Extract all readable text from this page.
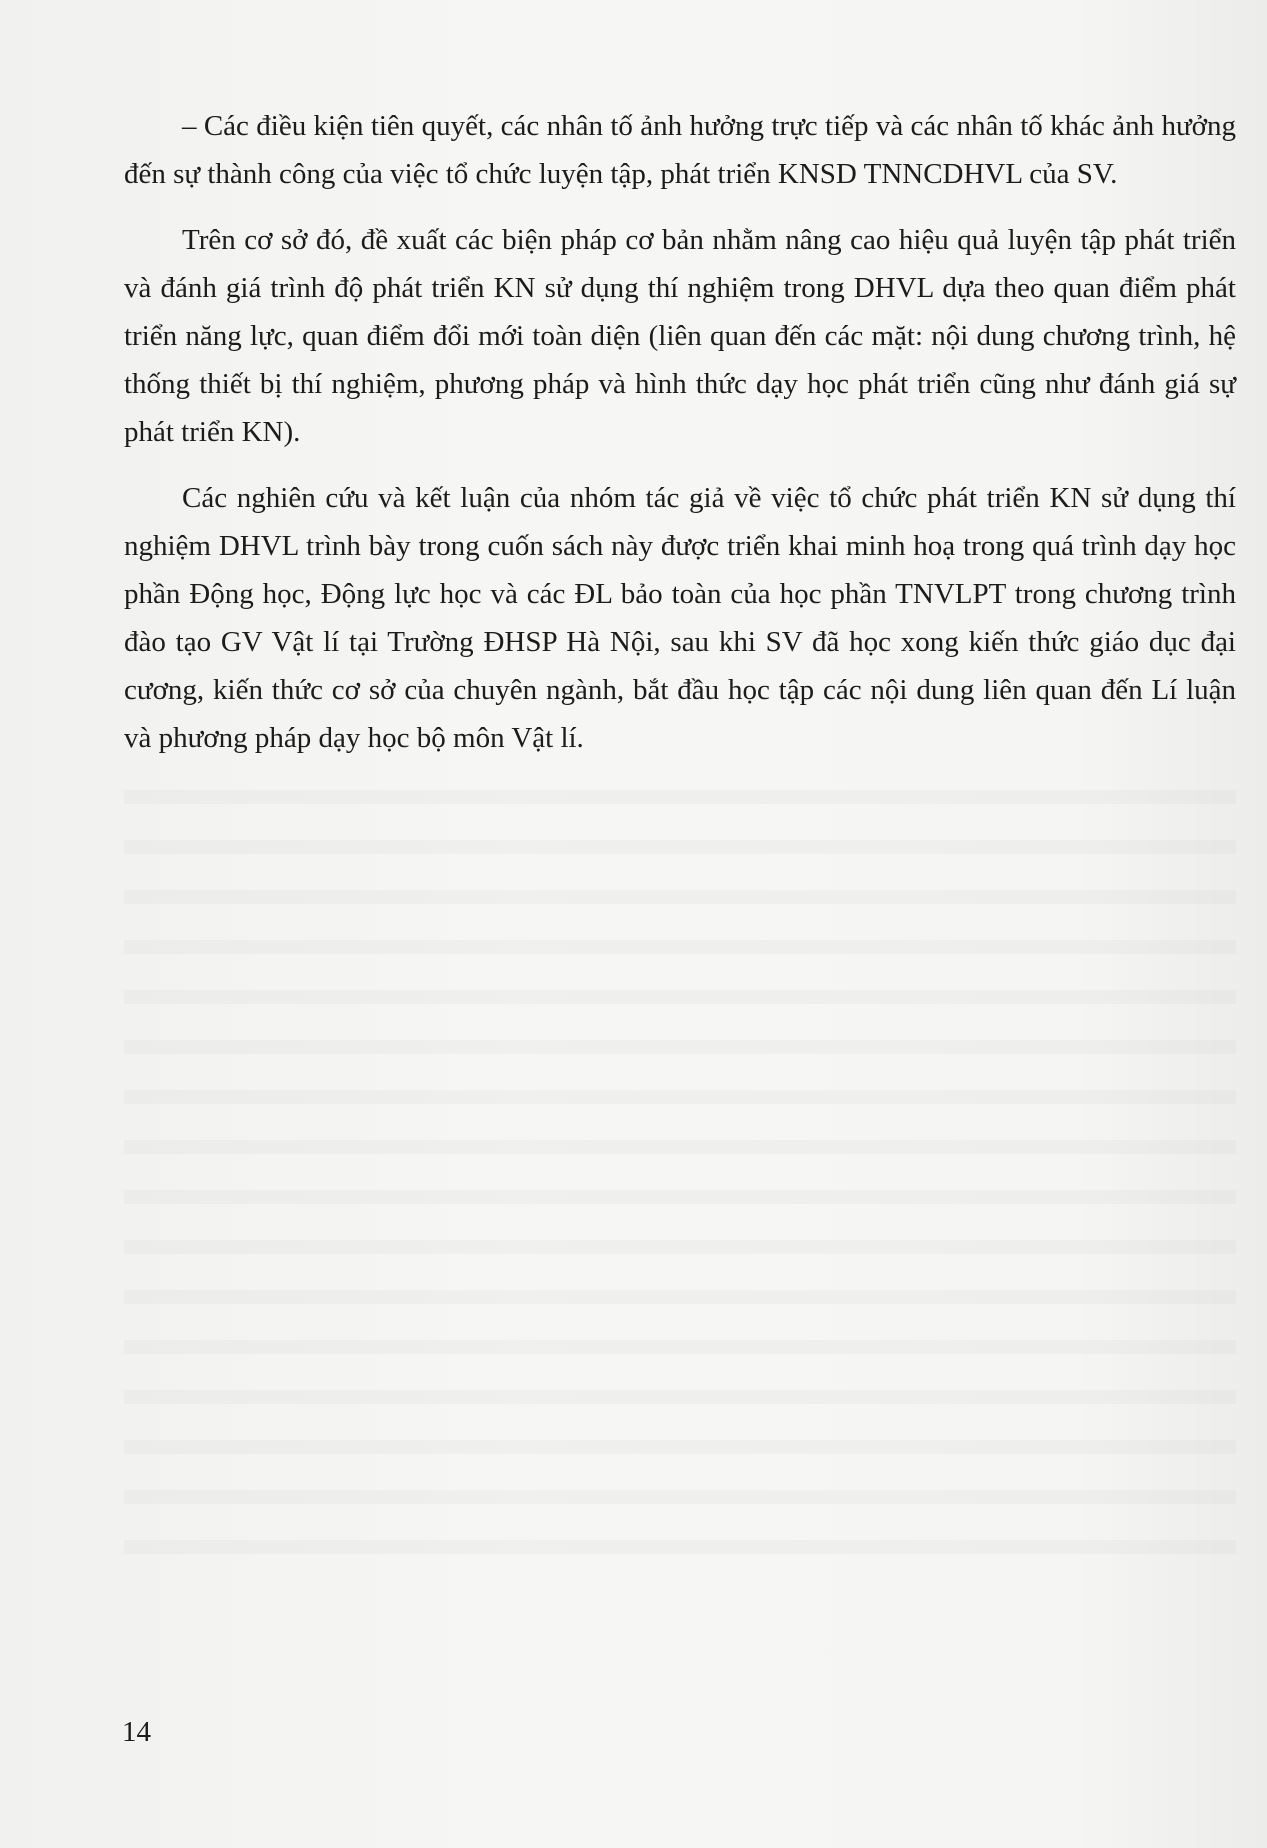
– Các điều kiện tiên quyết, các nhân tố ảnh hưởng trực tiếp và các nhân tố khác ảnh hưởng đến sự thành công của việc tổ chức luyện tập, phát triển KNSD TNNCDHVL của SV.

Trên cơ sở đó, đề xuất các biện pháp cơ bản nhằm nâng cao hiệu quả luyện tập phát triển và đánh giá trình độ phát triển KN sử dụng thí nghiệm trong DHVL dựa theo quan điểm phát triển năng lực, quan điểm đổi mới toàn diện (liên quan đến các mặt: nội dung chương trình, hệ thống thiết bị thí nghiệm, phương pháp và hình thức dạy học phát triển cũng như đánh giá sự phát triển KN).

Các nghiên cứu và kết luận của nhóm tác giả về việc tổ chức phát triển KN sử dụng thí nghiệm DHVL trình bày trong cuốn sách này được triển khai minh hoạ trong quá trình dạy học phần Động học, Động lực học và các ĐL bảo toàn của học phần TNVLPT trong chương trình đào tạo GV Vật lí tại Trường ĐHSP Hà Nội, sau khi SV đã học xong kiến thức giáo dục đại cương, kiến thức cơ sở của chuyên ngành, bắt đầu học tập các nội dung liên quan đến Lí luận và phương pháp dạy học bộ môn Vật lí.

14
